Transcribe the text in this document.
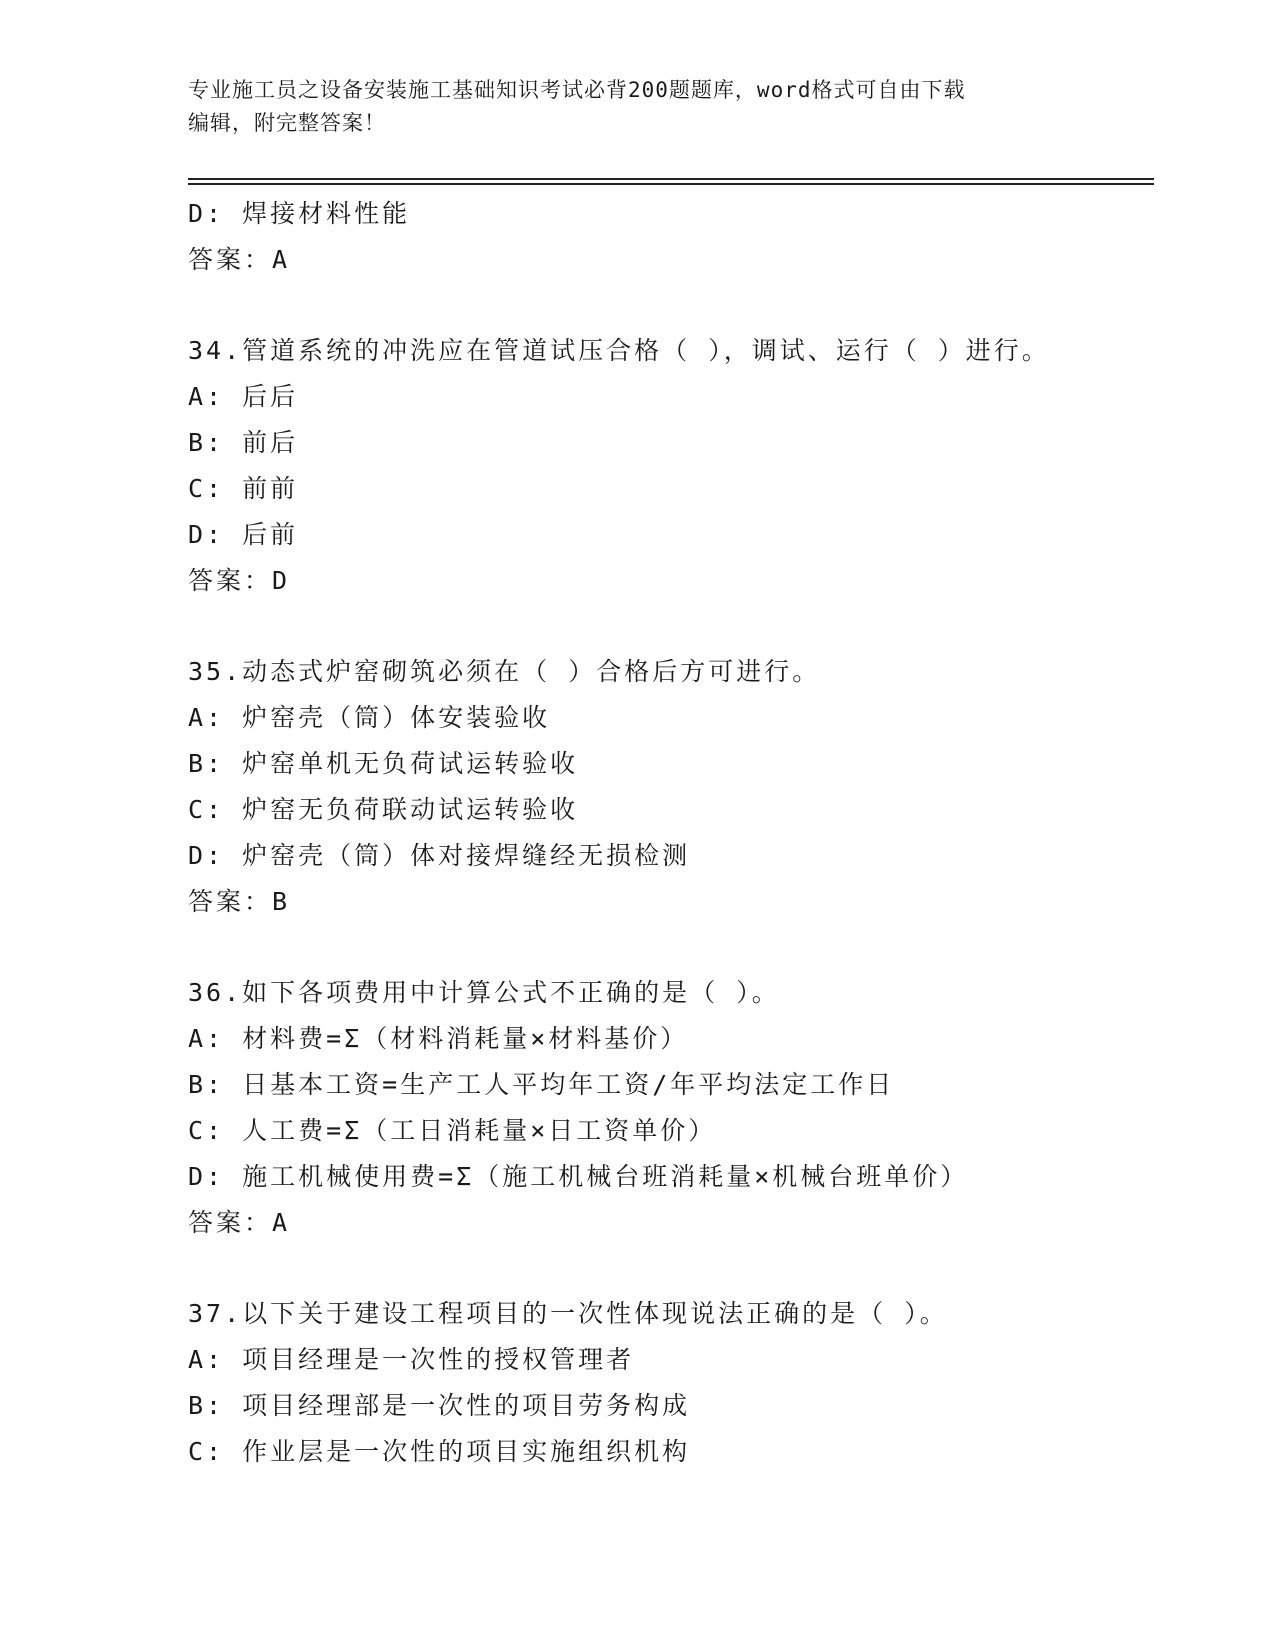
专业施工员之设备安装施工基础知识考试必背200题题库，word格式可自由下载
编辑，附完整答案！
D: 焊接材料性能
答案：A
34.管道系统的冲洗应在管道试压合格（ ），调试、运行（ ）进行。
A: 后后
B: 前后
C: 前前
D: 后前
答案：D
35.动态式炉窑砌筑必须在（ ）合格后方可进行。
A: 炉窑壳（筒）体安装验收
B: 炉窑单机无负荷试运转验收
C: 炉窑无负荷联动试运转验收
D: 炉窑壳（筒）体对接焊缝经无损检测
答案：B
36.如下各项费用中计算公式不正确的是（ ）。
A: 材料费=Σ（材料消耗量×材料基价）
B: 日基本工资=生产工人平均年工资/年平均法定工作日
C: 人工费=Σ（工日消耗量×日工资单价）
D: 施工机械使用费=Σ（施工机械台班消耗量×机械台班单价）
答案：A
37.以下关于建设工程项目的一次性体现说法正确的是（ ）。
A: 项目经理是一次性的授权管理者
B: 项目经理部是一次性的项目劳务构成
C: 作业层是一次性的项目实施组织机构
